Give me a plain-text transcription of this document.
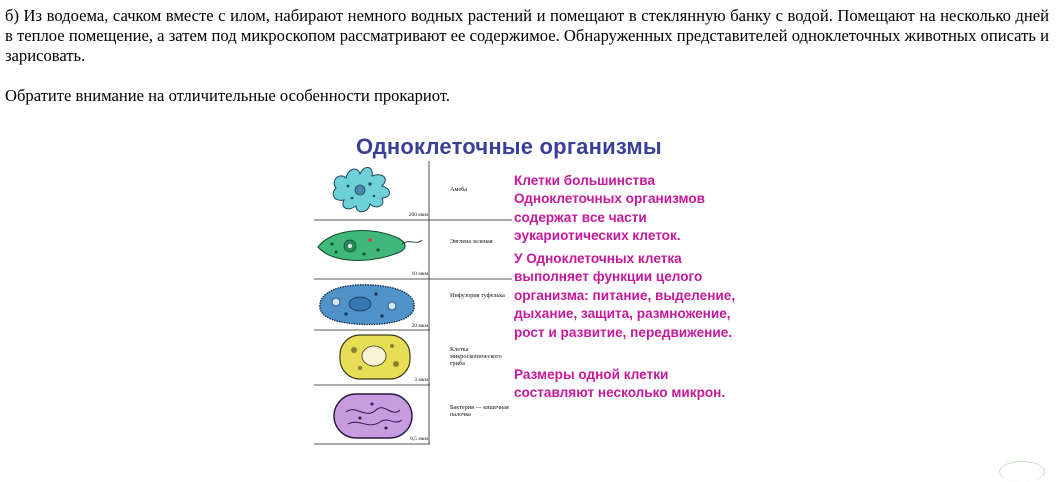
б) Из водоема, сачком вместе с илом, набирают немного водных растений и помещают в стеклянную банку с водой. Помещают на несколько дней в теплое помещение, а затем под микроскопом рассматривают ее содержимое. Обнаруженных представителей одноклеточных животных описать и зарисовать.

Обратите внимание на отличительные особенности прокариот.

Одноклеточные организмы
Амеба
Эвглена зеленая
Инфузория туфелька
Клетка микроскопического гриба
Бактерия — кишечная палочка
200 мкм
10 мкм
20 мкм
3 мкм
0,5 мкм
Клетки большинства Одноклеточных организмов содержат все части эукариотических клеток.
У Одноклеточных клетка выполняет функции целого организма: питание, выделение, дыхание, защита, размножение, рост и развитие, передвижение.
Размеры одной клетки составляют несколько микрон.
